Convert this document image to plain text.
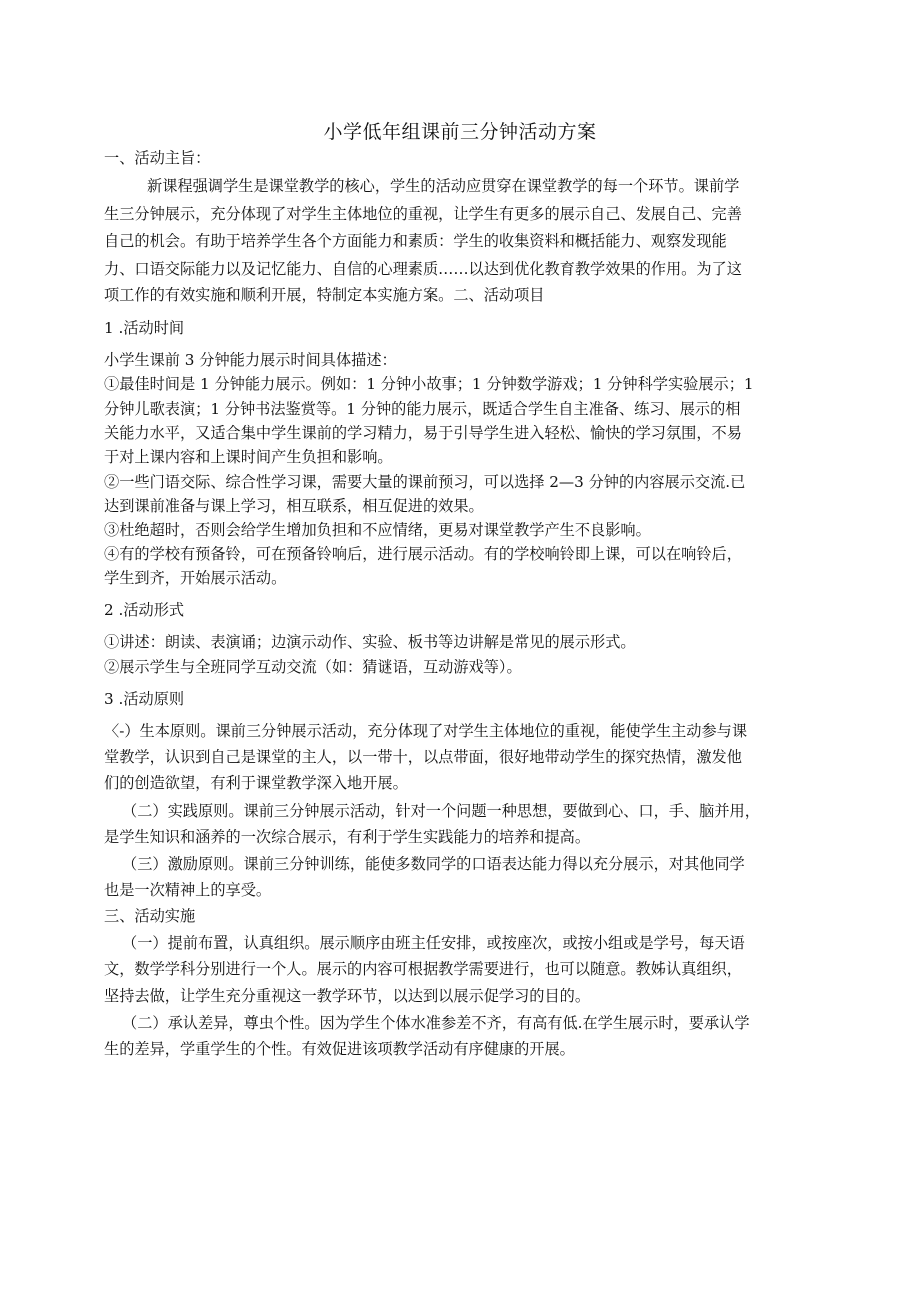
小学低年组课前三分钟活动方案
一、活动主旨：
新课程强调学生是课堂教学的核心，学生的活动应贯穿在课堂教学的每一个环节。课前学
生三分钟展示，充分体现了对学生主体地位的重视，让学生有更多的展示自己、发展自己、完善
自己的机会。有助于培养学生各个方面能力和素质：学生的收集资料和概括能力、观察发现能
力、口语交际能力以及记忆能力、自信的心理素质……以达到优化教育教学效果的作用。为了这
项工作的有效实施和顺利开展，特制定本实施方案。二、活动项目
1 .活动时间
小学生课前 3 分钟能力展示时间具体描述：
①最佳时间是 1 分钟能力展示。例如：1 分钟小故事；1 分钟数学游戏；1 分钟科学实验展示；1
分钟儿歌表演；1 分钟书法鉴赏等。1 分钟的能力展示，既适合学生自主准备、练习、展示的相
关能力水平，又适合集中学生课前的学习精力，易于引导学生进入轻松、愉快的学习氛围，不易
于对上课内容和上课时间产生负担和影响。
②一些门语交际、综合性学习课，需要大量的课前预习，可以选择 2—3 分钟的内容展示交流.已
达到课前准备与课上学习，相互联系，相互促进的效果。
③杜绝超时，否则会给学生增加负担和不应情绪，更易对课堂教学产生不良影响。
④有的学校有预备铃，可在预备铃响后，进行展示活动。有的学校响铃即上课，可以在响铃后，
学生到齐，开始展示活动。
2 .活动形式
①讲述：朗读、表演诵；边演示动作、实验、板书等边讲解是常见的展示形式。
②展示学生与全班同学互动交流（如：猜谜语，互动游戏等）。
3 .活动原则
〈-）生本原则。课前三分钟展示活动，充分体现了对学生主体地位的重视，能使学生主动参与课
堂教学，认识到自己是课堂的主人，以一带十，以点带面，很好地带动学生的探究热情，激发他
们的创造欲望，有利于课堂教学深入地开展。
（二）实践原则。课前三分钟展示活动，针对一个问题一种思想，要做到心、口，手、脑并用，
是学生知识和涵养的一次综合展示，有利于学生实践能力的培养和提高。
（三）激励原则。课前三分钟训练，能使多数同学的口语表达能力得以充分展示，对其他同学
也是一次精神上的享受。
三、活动实施
（一）提前布置，认真组织。展示顺序由班主任安排，或按座次，或按小组或是学号，每天语
文，数学学科分别进行一个人。展示的内容可根据教学需要进行，也可以随意。教姊认真组织，
坚持去做，让学生充分重视这一教学环节，以达到以展示促学习的目的。
（二）承认差异，尊虫个性。因为学生个体水准参差不齐，有高有低.在学生展示时，要承认学
生的差异，学重学生的个性。有效促进该项教学活动有序健康的开展。
